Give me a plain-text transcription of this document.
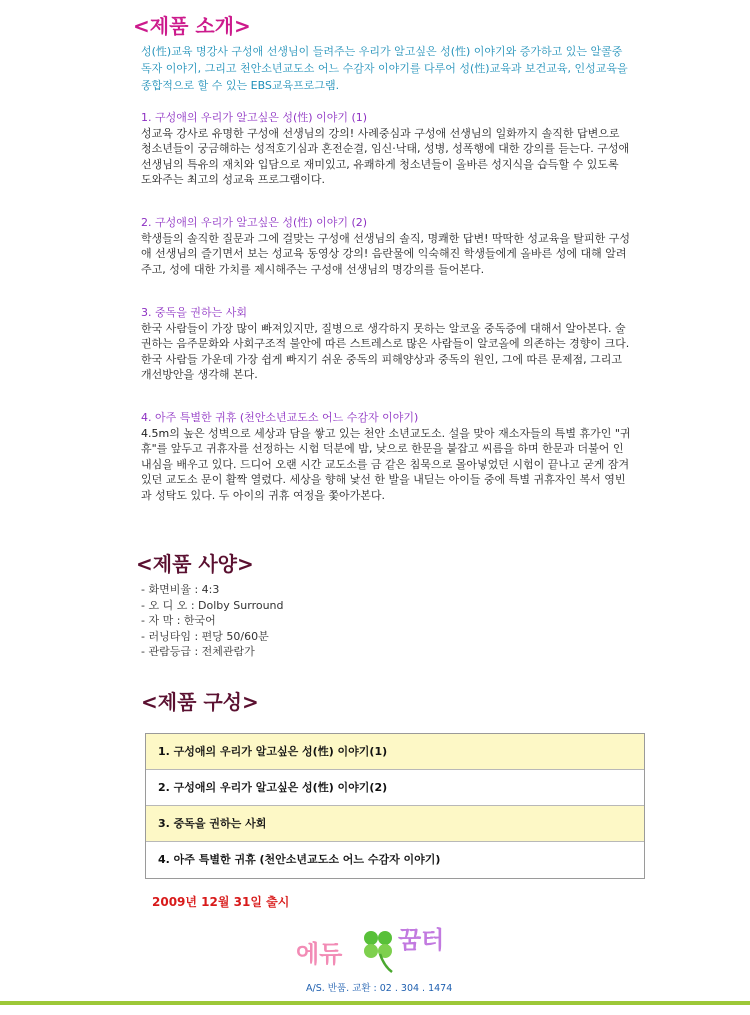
<제품 소개>
성(性)교육 명강사 구성애 선생님이 들려주는 우리가 알고싶은 성(性) 이야기와 증가하고 있는 알콜중독자 이야기, 그리고 천안소년교도소 어느 수감자 이야기를 다루어 성(性)교육과 보건교육, 인성교육을 종합적으로 할 수 있는 EBS교육프로그램.
1. 구성애의 우리가 알고싶은 성(性) 이야기 (1)
성교육 강사로 유명한 구성애 선생님의 강의! 사례중심과 구성애 선생님의 일화까지 솔직한 답변으로 청소년들이 궁금해하는 성적호기심과 혼전순결, 임신·낙태, 성병, 성폭행에 대한 강의를 듣는다. 구성애 선생님의 특유의 재치와 입담으로 재미있고, 유쾌하게 청소년들이 올바른 성지식을 습득할 수 있도록 도와주는 최고의 성교육 프로그램이다.
2. 구성애의 우리가 알고싶은 성(性) 이야기 (2)
학생들의 솔직한 질문과 그에 걸맞는 구성애 선생님의 솔직, 명쾌한 답변! 딱딱한 성교육을 탈피한 구성애 선생님의 즐기면서 보는 성교육 동영상 강의! 음란물에 익숙해진 학생들에게 올바른 성에 대해 알려주고, 성에 대한 가치를 제시해주는 구성애 선생님의 명강의를 들어본다.
3. 중독을 권하는 사회
한국 사람들이 가장 많이 빠져있지만, 질병으로 생각하지 못하는 알코올 중독증에 대해서 알아본다. 술 권하는 음주문화와 사회구조적 불안에 따른 스트레스로 많은 사람들이 알코올에 의존하는 경향이 크다. 한국 사람들 가운데 가장 쉽게 빠지기 쉬운 중독의 피해양상과 중독의 원인, 그에 따른 문제점, 그리고 개선방안을 생각해 본다.
4. 아주 특별한 귀휴 (천안소년교도소 어느 수감자 이야기)
4.5m의 높은 성벽으로 세상과 담을 쌓고 있는 천안 소년교도소. 설을 맞아 재소자들의 특별 휴가인 "귀휴"를 앞두고 귀휴자를 선정하는 시험 덕분에 밤, 낮으로 한문을 붙잡고 씨름을 하며 한문과 더불어 인내심을 배우고 있다. 드디어 오랜 시간 교도소를 금 같은 침묵으로 몰아넣었던 시험이 끝나고 굳게 잠겨있던 교도소 문이 활짝 열렸다. 세상을 향해 낯선 한 발을 내딛는 아이들 중에 특별 귀휴자인 복서 영빈과 성탁도 있다. 두 아이의 귀휴 여정을 쫓아가본다.
<제품 사양>
- 화면비율 : 4:3
- 오 디 오 : Dolby Surround
- 자 막 : 한국어
- 러닝타임 : 편당 50/60분
- 관람등급 : 전체관람가
<제품 구성>
1. 구성애의 우리가 알고싶은 성(性) 이야기(1)
2. 구성애의 우리가 알고싶은 성(性) 이야기(2)
3. 중독을 권하는 사회
4. 아주 특별한 귀휴 (천안소년교도소 어느 수감자 이야기)
2009년 12월 31일 출시
에듀 꿈터
A/S. 반품. 교환 : 02 . 304 . 1474
